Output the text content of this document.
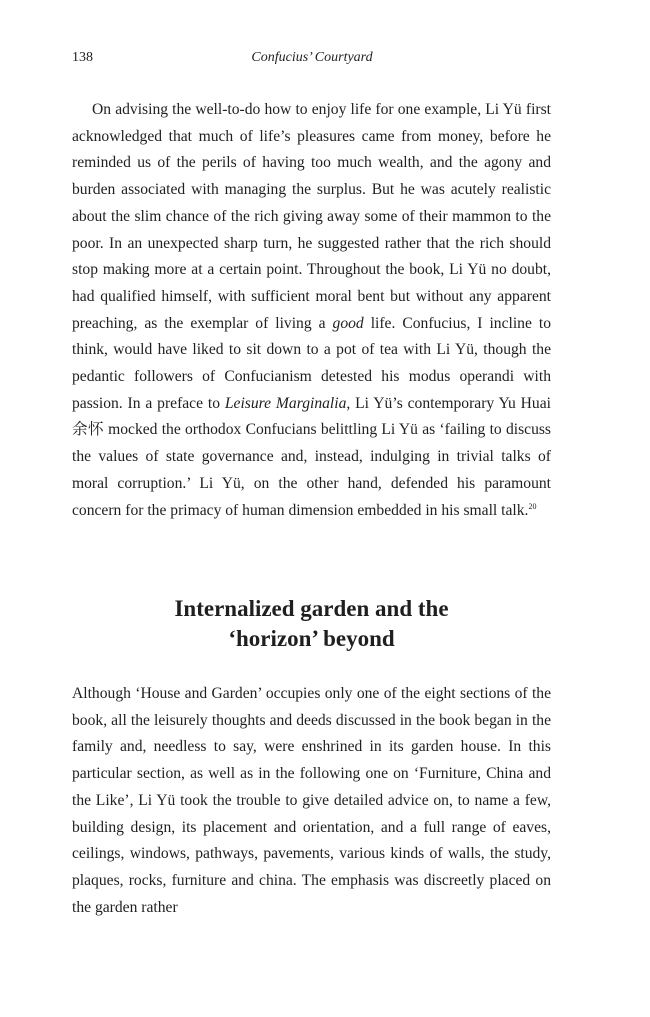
138	Confucius’ Courtyard

On advising the well-to-do how to enjoy life for one example, Li Yü first acknowledged that much of life’s pleasures came from money, before he reminded us of the perils of having too much wealth, and the agony and burden associated with managing the surplus. But he was acutely realistic about the slim chance of the rich giving away some of their mammon to the poor. In an unexpected sharp turn, he suggested rather that the rich should stop making more at a certain point. Throughout the book, Li Yü no doubt, had qualified himself, with sufficient moral bent but without any apparent preaching, as the exemplar of living a good life. Confucius, I incline to think, would have liked to sit down to a pot of tea with Li Yü, though the pedantic followers of Confucianism detested his modus operandi with passion. In a preface to Leisure Marginalia, Li Yü’s contemporary Yu Huai 余怀 mocked the orthodox Confucians belittling Li Yü as ‘failing to discuss the values of state governance and, instead, indulging in trivial talks of moral corruption.’ Li Yü, on the other hand, defended his paramount concern for the primacy of human dimension embedded in his small talk.$^{20}$

Internalized garden and the
‘horizon’ beyond

Although ‘House and Garden’ occupies only one of the eight sections of the book, all the leisurely thoughts and deeds discussed in the book began in the family and, needless to say, were enshrined in its garden house. In this particular section, as well as in the following one on ‘Furniture, China and the Like’, Li Yü took the trouble to give detailed advice on, to name a few, building design, its placement and orientation, and a full range of eaves, ceilings, windows, pathways, pavements, various kinds of walls, the study, plaques, rocks, furniture and china. The emphasis was discreetly placed on the garden rather
